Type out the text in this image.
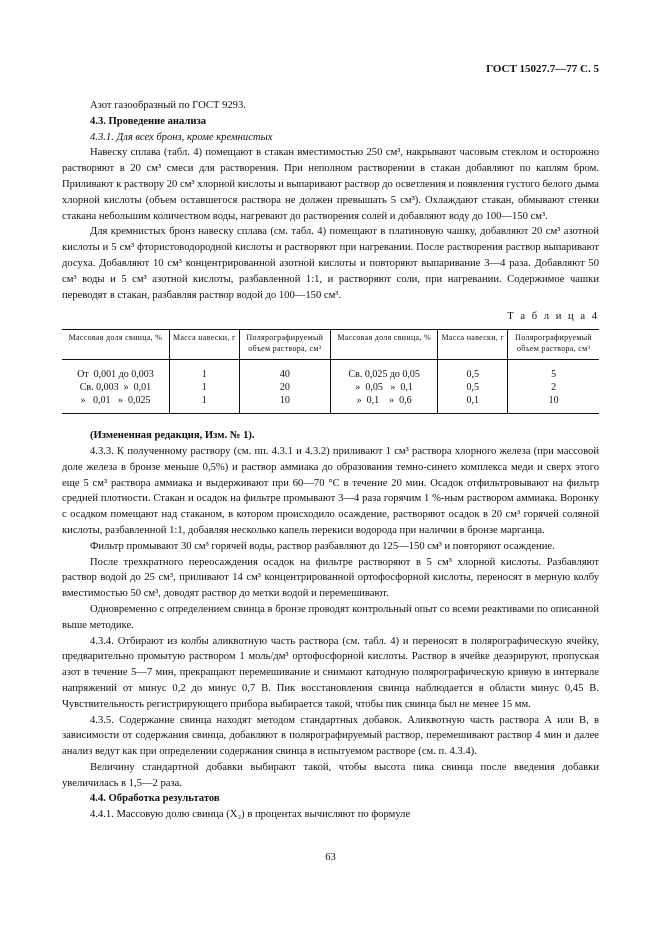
ГОСТ 15027.7—77 С. 5

Азот газообразный по ГОСТ 9293.

4.3. Проведение анализа

4.3.1. Для всех бронз, кроме кремнистых

Навеску сплава (табл. 4) помещают в стакан вместимостью 250 см³, накрывают часовым стеклом и осторожно растворяют в 20 см³ смеси для растворения. При неполном растворении в стакан добавляют по каплям бром. Приливают к раствору 20 см³ хлорной кислоты и выпаривают раствор до осветления и появления густого белого дыма хлорной кислоты (объем оставшегося раствора не должен превышать 5 см³). Охлаждают стакан, обмывают стенки стакана небольшим количеством воды, нагревают до растворения солей и добавляют воду до 100—150 см³.

Для кремнистых бронз навеску сплава (см. табл. 4) помещают в платиновую чашку, добавляют 20 см³ азотной кислоты и 5 см³ фтористоводородной кислоты и растворяют при нагревании. После растворения раствор выпаривают досуха. Добавляют 10 см³ концентрированной азотной кислоты и повторяют выпаривание 3—4 раза. Добавляют 50 см³ воды и 5 см³ азотной кислоты, разбавленной 1:1, и растворяют соли, при нагревании. Содержимое чашки переводят в стакан, разбавляя раствор водой до 100—150 см³.

Т а б л и ц а 4

Массовая доля свинца, %	Масса навески, г	Полярографируемый объем раствора, см³	Массовая доля свинца, %	Масса навески, г	Полярографируемый объем раствора, см³
От  0,001 до 0,003	1	40	Св. 0,025 до 0,05	0,5	5
Св. 0,003  »  0,01	1	20	»  0,05   »  0,1	0,5	2
»   0,01   »  0,025	1	10	»  0,1    »  0,6	0,1	10

(Измененная редакция, Изм. № 1).

4.3.3. К полученному раствору (см. пп. 4.3.1 и 4.3.2) приливают 1 см³ раствора хлорного железа (при массовой доле железа в бронзе меньше 0,5%) и раствор аммиака до образования темно-синего комплекса меди и сверх этого еще 5 см³ раствора аммиака и выдерживают при 60—70 °С в течение 20 мин. Осадок отфильтровывают на фильтр средней плотности. Стакан и осадок на фильтре промывают 3—4 раза горячим 1 %-ным раствором аммиака. Воронку с осадком помещают над стаканом, в котором происходило осаждение, растворяют осадок в 20 см³ горячей соляной кислоты, разбавленной 1:1, добавляя несколько капель перекиси водорода при наличии в бронзе марганца.

Фильтр промывают 30 см³ горячей воды, раствор разбавляют до 125—150 см³ и повторяют осаждение.

После трехкратного переосаждения осадок на фильтре растворяют в 5 см³ хлорной кислоты. Разбавляют раствор водой до 25 см³, приливают 14 см³ концентрированной ортофосфорной кислоты, переносят в мерную колбу вместимостью 50 см³, доводят раствор до метки водой и перемешивают.

Одновременно с определением свинца в бронзе проводят контрольный опыт со всеми реактивами по описанной выше методике.

4.3.4. Отбирают из колбы аликвотную часть раствора (см. табл. 4) и переносят в полярографическую ячейку, предварительно промытую раствором 1 моль/дм³ ортофосфорной кислоты. Раствор в ячейке деаэрируют, пропуская азот в течение 5—7 мин, прекращают перемешивание и снимают катодную полярографическую кривую в интервале напряжений от минус 0,2 до минус 0,7 В. Пик восстановления свинца наблюдается в области минус 0,45 В. Чувствительность регистрирующего прибора выбирается такой, чтобы пик свинца был не менее 15 мм.

4.3.5. Содержание свинца находят методом стандартных добавок. Аликвотную часть раствора А или В, в зависимости от содержания свинца, добавляют в полярографируемый раствор, перемешивают раствор 4 мин и далее анализ ведут как при определении содержания свинца в испытуемом растворе (см. п. 4.3.4).

Величину стандартной добавки выбирают такой, чтобы высота пика свинца после введения добавки увеличилась в 1,5—2 раза.

4.4. Обработка результатов

4.4.1. Массовую долю свинца (X₂) в процентах вычисляют по формуле

63
